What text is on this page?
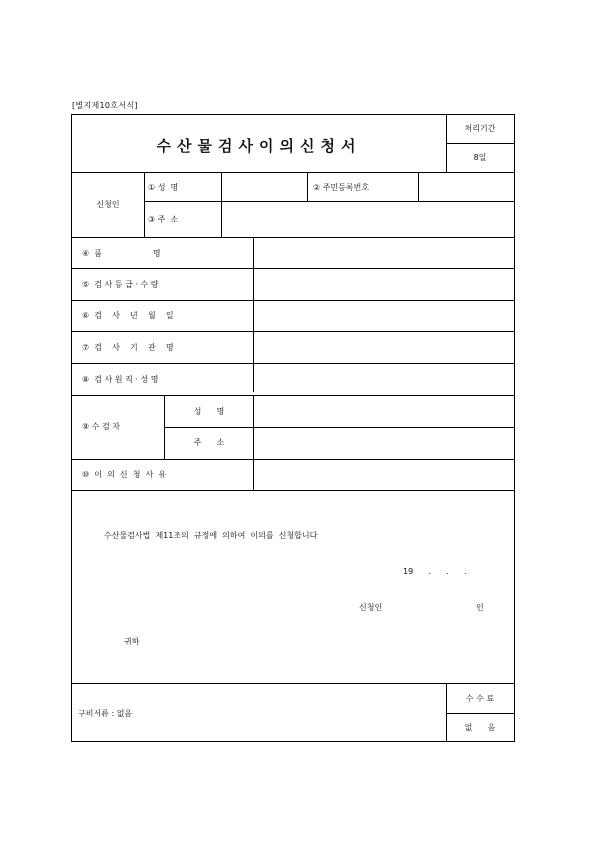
[별지제10호서식]
수산물검사이의신청서
처리기간
8일
신청인
① 성  명	② 주민등록번호
③ 주  소
④  품                    명
⑤  검 사 등 급 · 수 량
⑥  검    사    년    월    일
⑦  검    사    기    관    명
⑧  검 사 원 직 · 성 명
⑨ 수 검 자
성      명
주      소
⑩  이  의  신  청  사  유
수산물검사법  제11조의  규정에  의하여  이의를  신청합니다
19      .      .      .
신청인	인
귀하
구비서류 : 없음
수 수 료
없      음
